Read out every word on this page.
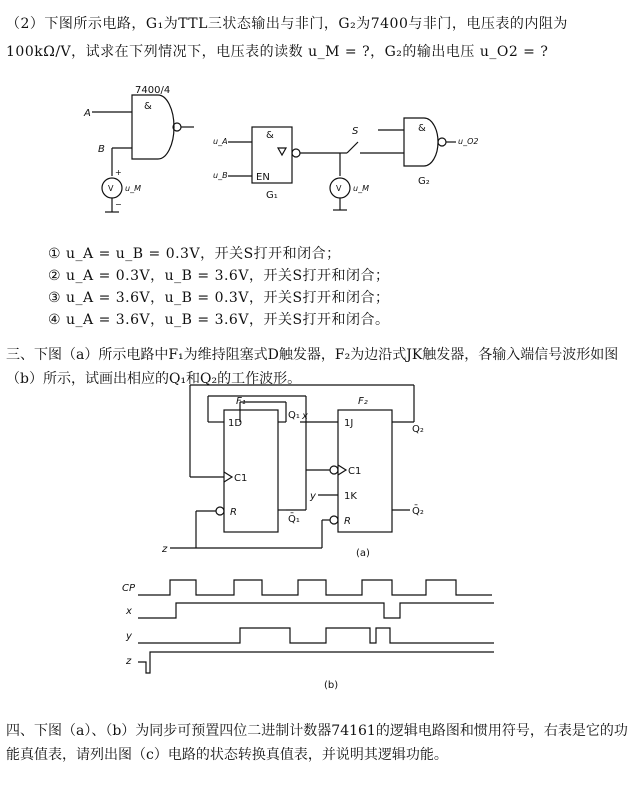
（2）下图所示电路，G₁为TTL三状态输出与非门，G₂为7400与非门，电压表的内阻为100kΩ/V，试求在下列情况下，电压表的读数 u_M = ?，G₂的输出电压 u_O2 = ?
7400/4
&
A
B
V u_M
+
−
u_A
u_B
&
EN
G₁
S
V u_M
&
G₂
u_O2
F₁
1D
C1
R
Q₁
Q̄₁
F₂
1J
C1
1K
R
Q₂
Q̄₂
x
y
z	(a)
CP
x
y
z
(b)
① u_A = u_B = 0.3V，开关S打开和闭合；
② u_A = 0.3V，u_B = 3.6V，开关S打开和闭合；
③ u_A = 3.6V，u_B = 0.3V，开关S打开和闭合；
④ u_A = 3.6V，u_B = 3.6V，开关S打开和闭合。
三、下图（a）所示电路中F₁为维持阻塞式D触发器，F₂为边沿式JK触发器，各输入端信号波形如图（b）所示，试画出相应的Q₁和Q₂的工作波形。
四、下图（a）、（b）为同步可预置四位二进制计数器74161的逻辑电路图和惯用符号，右表是它的功能真值表，请列出图（c）电路的状态转换真值表，并说明其逻辑功能。
